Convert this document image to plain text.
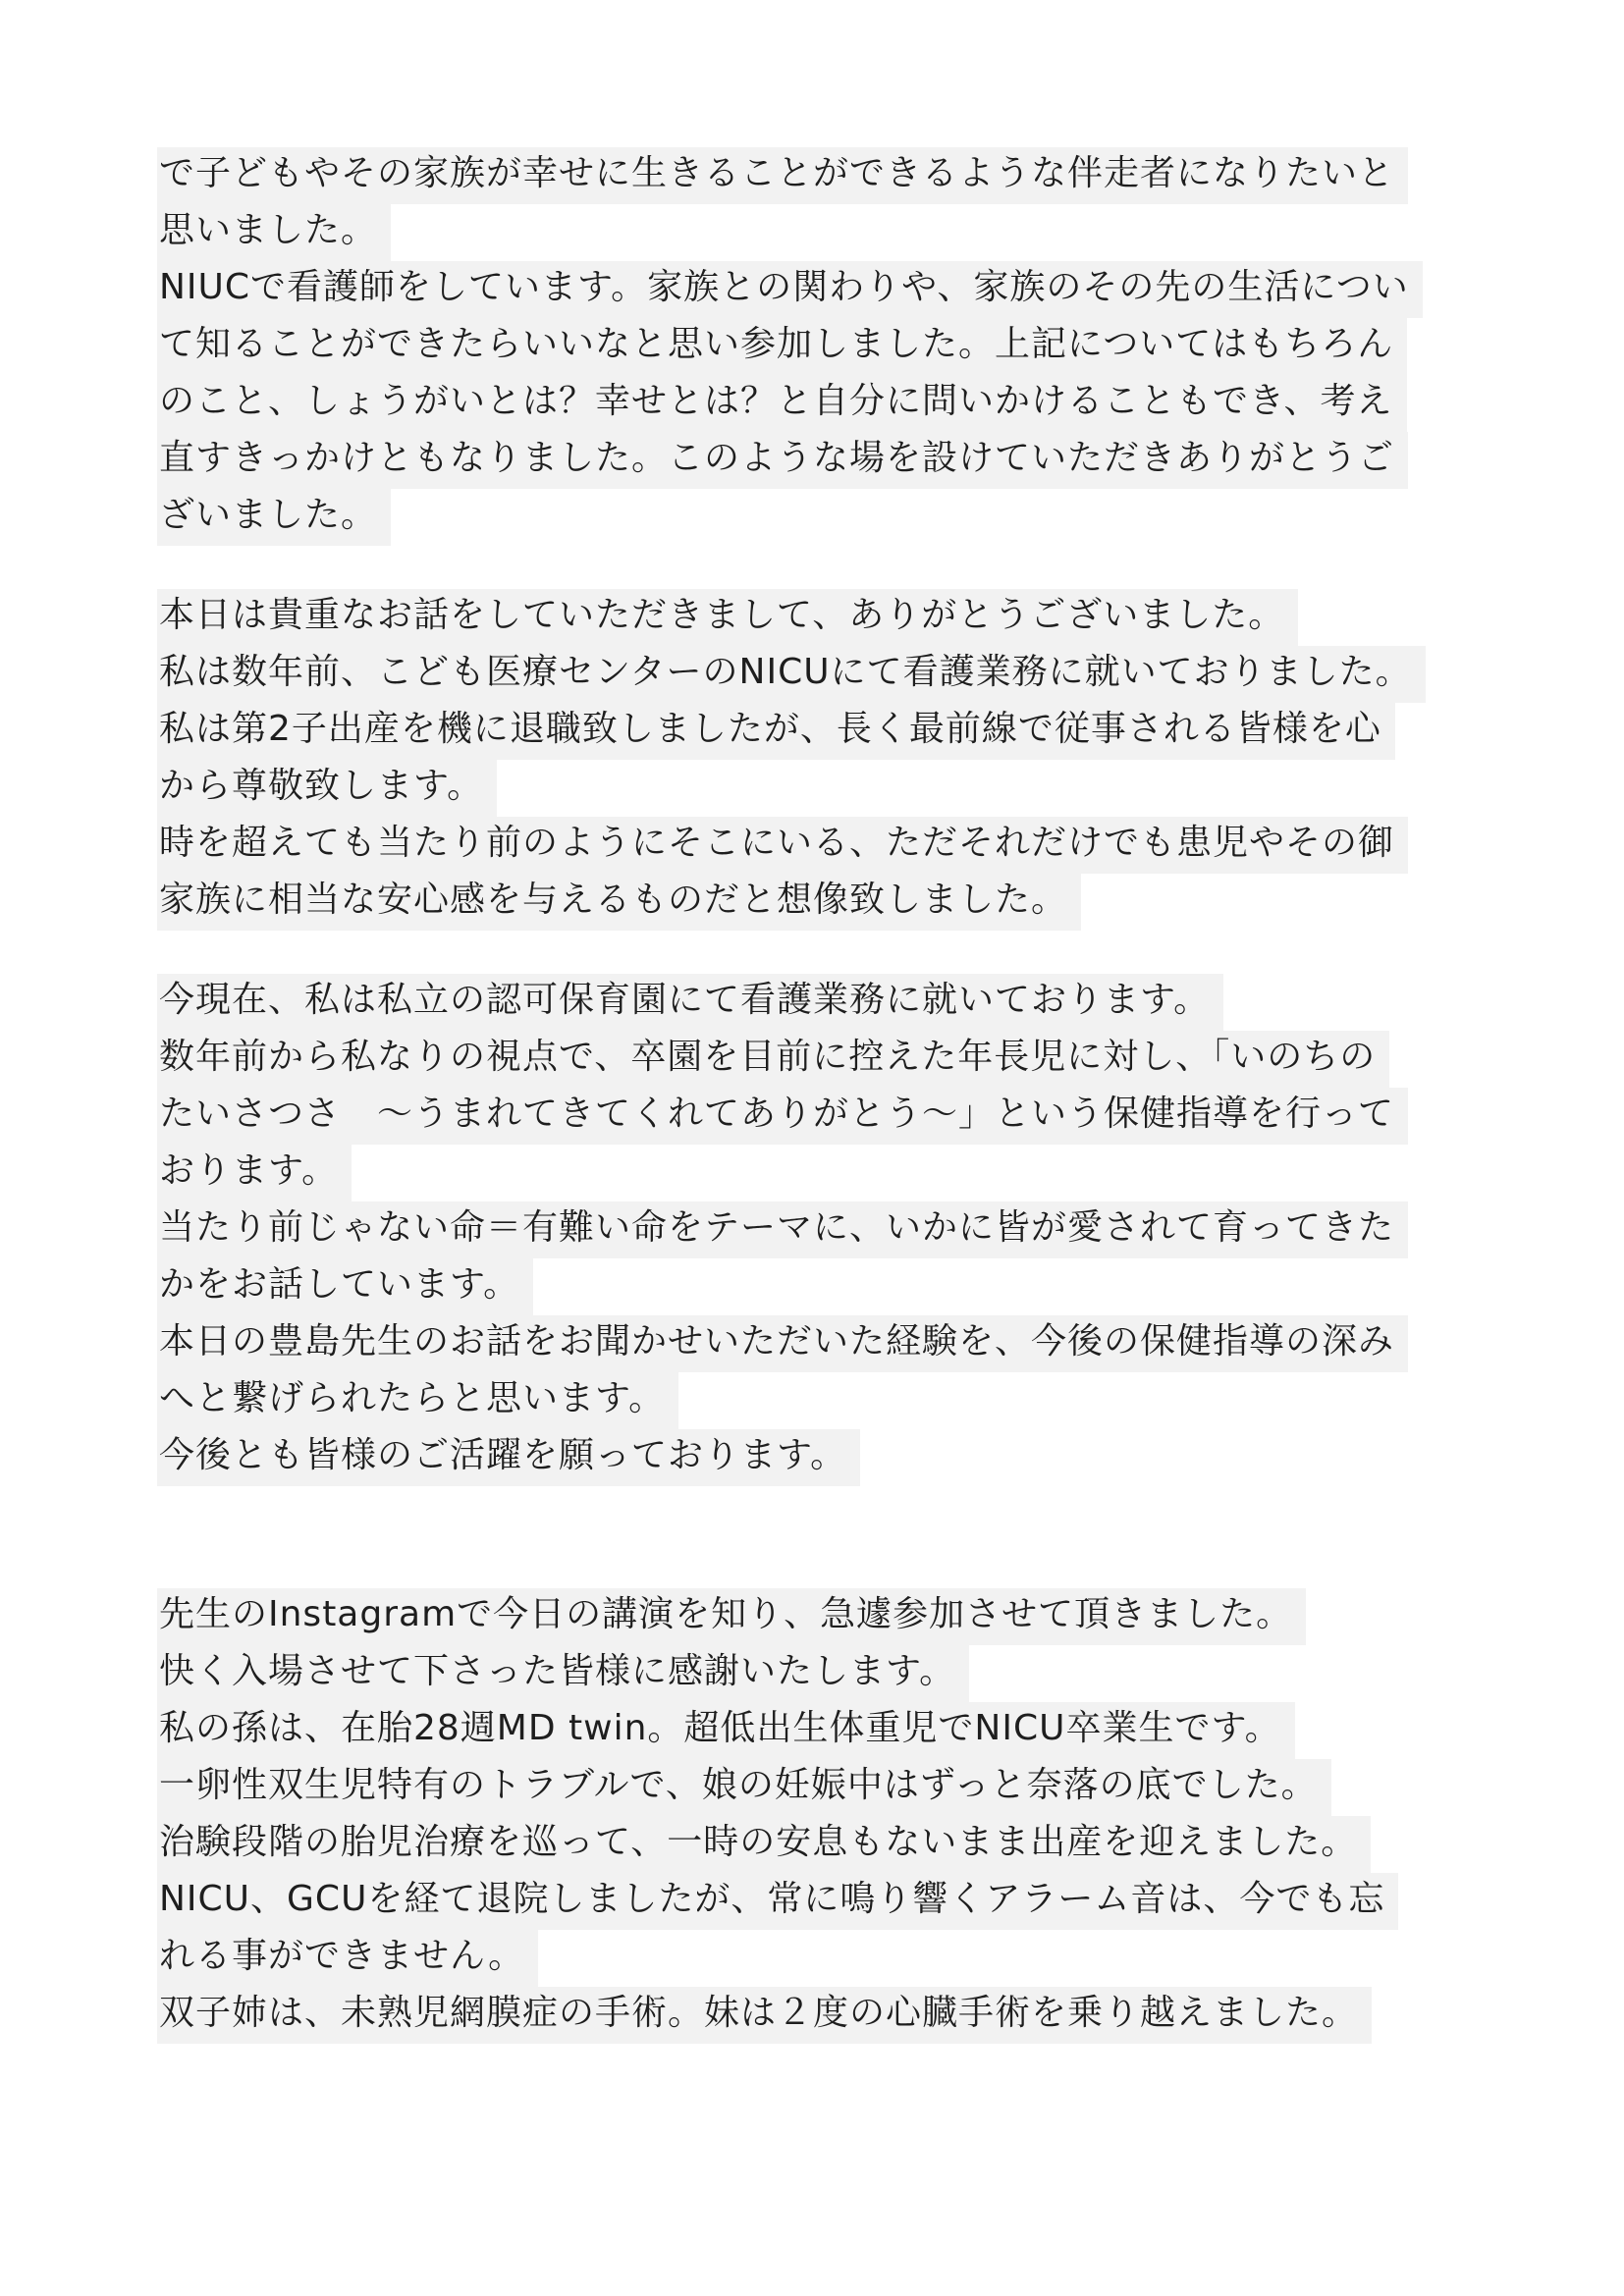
で子どもやその家族が幸せに生きることができるような伴走者になりたいと

思いました。

NIUCで看護師をしています。家族との関わりや、家族のその先の生活につい

て知ることができたらいいなと思い参加しました。上記についてはもちろん

のこと、しょうがいとは？幸せとは？と自分に問いかけることもでき、考え

直すきっかけともなりました。このような場を設けていただきありがとうご

ざいました。

本日は貴重なお話をしていただきまして、ありがとうございました。

私は数年前、こども医療センターのNICUにて看護業務に就いておりました。

私は第2子出産を機に退職致しましたが、長く最前線で従事される皆様を心

から尊敬致します。

時を超えても当たり前のようにそこにいる、ただそれだけでも患児やその御

家族に相当な安心感を与えるものだと想像致しました。

今現在、私は私立の認可保育園にて看護業務に就いております。

数年前から私なりの視点で、卒園を目前に控えた年長児に対し、「いのちの

たいさつさ　～うまれてきてくれてありがとう～」という保健指導を行って

おります。

当たり前じゃない命＝有難い命をテーマに、いかに皆が愛されて育ってきた

かをお話しています。

本日の豊島先生のお話をお聞かせいただいた経験を、今後の保健指導の深み

へと繋げられたらと思います。

今後とも皆様のご活躍を願っております。

先生のInstagramで今日の講演を知り、急遽参加させて頂きました。

快く入場させて下さった皆様に感謝いたします。

私の孫は、在胎28週MD twin。超低出生体重児でNICU卒業生です。

一卵性双生児特有のトラブルで、娘の妊娠中はずっと奈落の底でした。

治験段階の胎児治療を巡って、一時の安息もないまま出産を迎えました。

NICU、GCUを経て退院しましたが、常に鳴り響くアラーム音は、今でも忘

れる事ができません。

双子姉は、未熟児網膜症の手術。妹は２度の心臓手術を乗り越えました。
